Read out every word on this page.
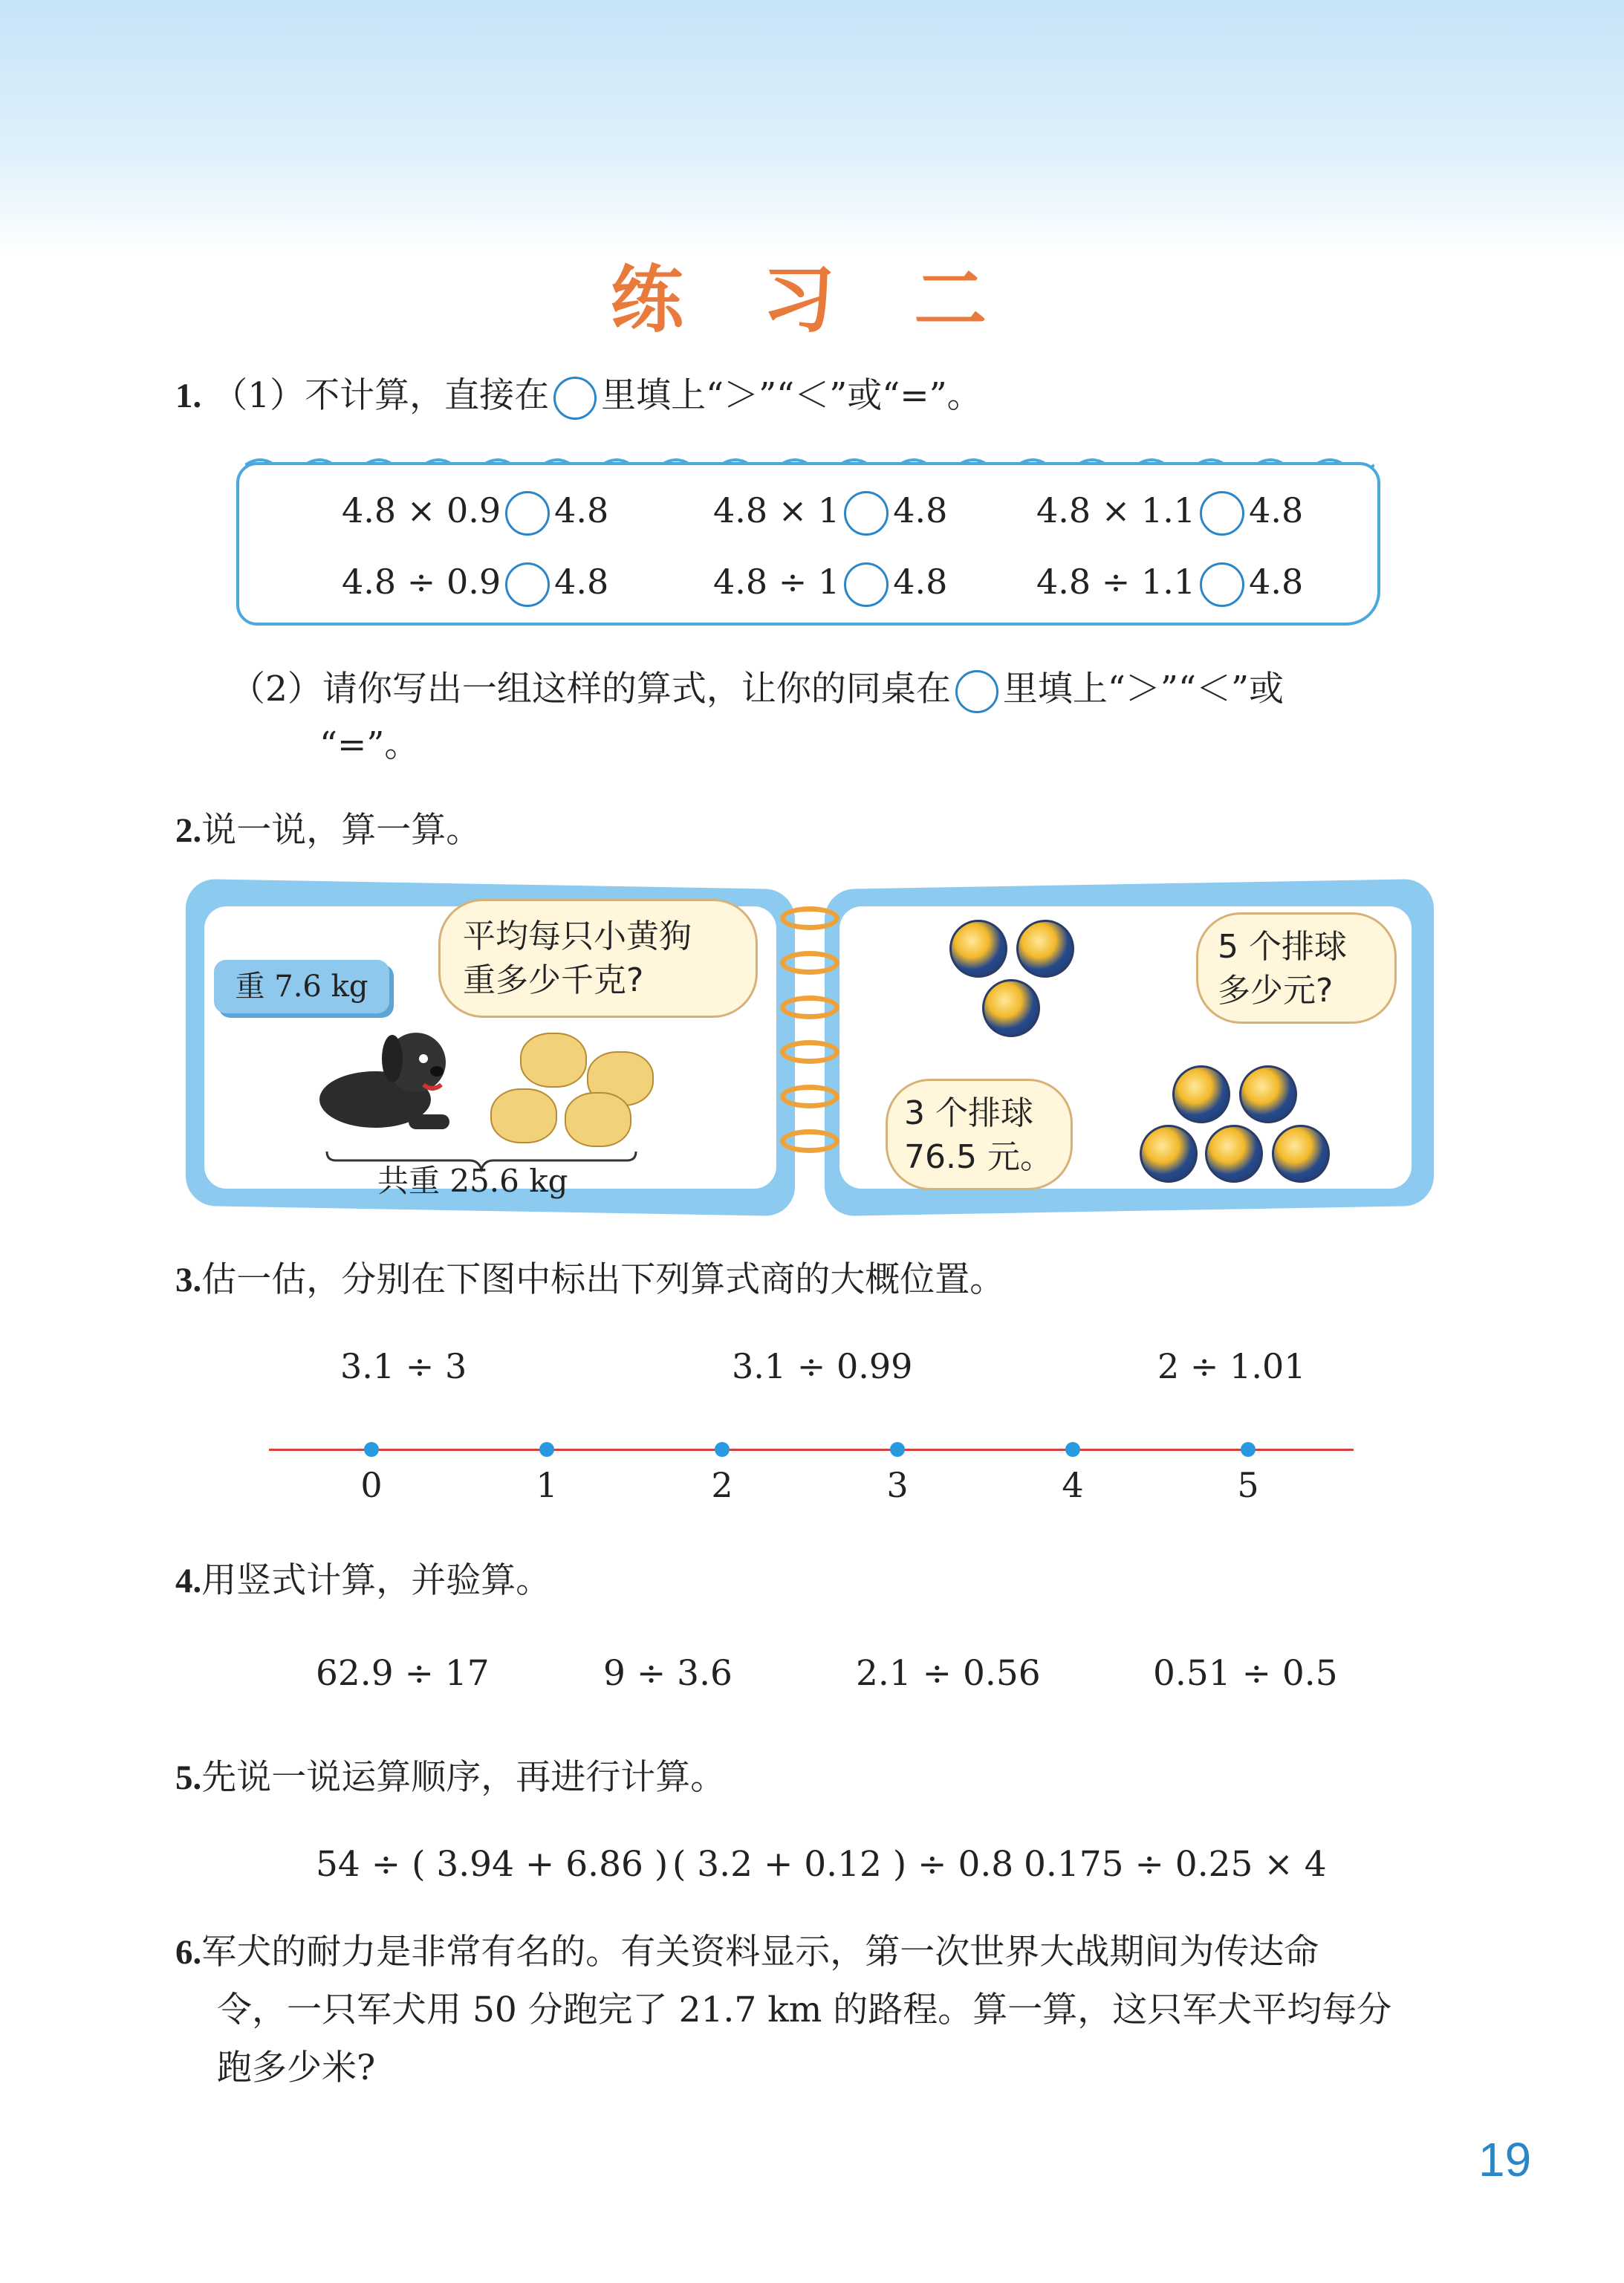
练 习 二
1. （1）不计算，直接在 里填上“＞”“＜”或“=”。
4.8 × 0.9 4.8	4.8 × 1 4.8	4.8 × 1.1 4.8
4.8 ÷ 0.9 4.8	4.8 ÷ 1 4.8	4.8 ÷ 1.1 4.8
（2）请你写出一组这样的算式，让你的同桌在 里填上“＞”“＜”或
“=”。
2.说一说，算一算。
重 7.6 kg
平均每只小黄狗
重多少千克?
共重 25.6 kg
5 个排球
多少元?
3 个排球
76.5 元。
3.估一估，分别在下图中标出下列算式商的大概位置。
3.1 ÷ 3	3.1 ÷ 0.99	2 ÷ 1.01
0	1	2	3	4	5
4.用竖式计算，并验算。
62.9 ÷ 17	9 ÷ 3.6	2.1 ÷ 0.56	0.51 ÷ 0.5
5.先说一说运算顺序，再进行计算。
54 ÷ ( 3.94 + 6.86 ) ( 3.2 + 0.12 ) ÷ 0.8 0.175 ÷ 0.25 × 4
6.军犬的耐力是非常有名的。有关资料显示，第一次世界大战期间为传达命
令，一只军犬用 50 分跑完了 21.7 km 的路程。算一算，这只军犬平均每分
跑多少米?
19
